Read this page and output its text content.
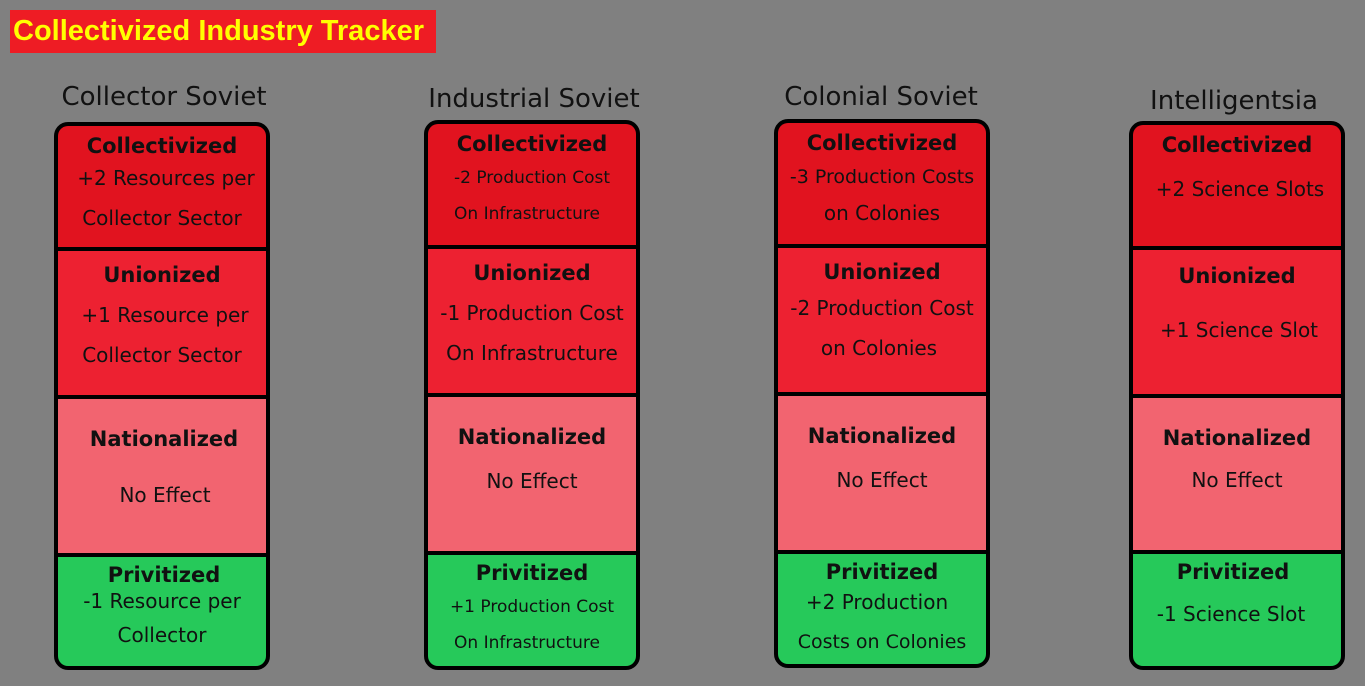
Collectivized Industry Tracker
Collector Soviet
Collectivized
+2 Resources per
Collector Sector
Unionized
+1 Resource per
Collector Sector
Nationalized
No Effect
Privitized
-1 Resource per
Collector
Industrial Soviet
Collectivized
-2 Production Cost
On Infrastructure
Unionized
-1 Production Cost
On Infrastructure
Nationalized
No Effect
Privitized
+1 Production Cost
On Infrastructure
Colonial Soviet
Collectivized
-3 Production Costs
on Colonies
Unionized
-2 Production Cost
on Colonies
Nationalized
No Effect
Privitized
+2 Production
Costs on Colonies
Intelligentsia
Collectivized
+2 Science Slots
Unionized
+1 Science Slot
Nationalized
No Effect
Privitized
-1 Science Slot
